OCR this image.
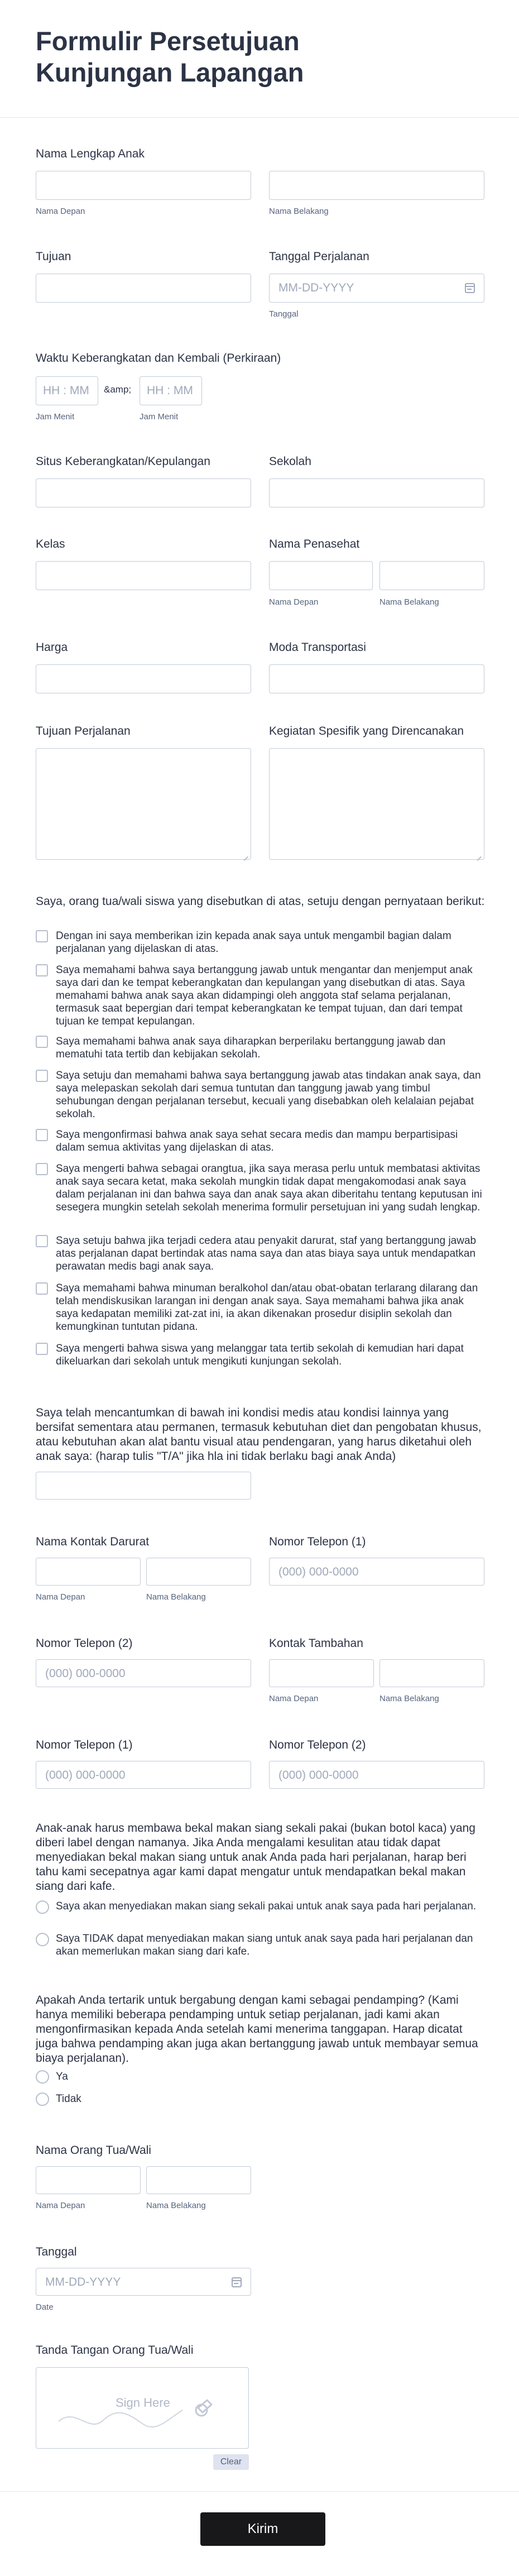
Formulir Persetujuan Kunjungan Lapangan

Nama Lengkap Anak

Nama Depan	Nama Belakang

Tujuan	Tanggal Perjalanan

MM-DD-YYYY

Tanggal

Waktu Keberangkatan dan Kembali (Perkiraan)

HH : MM &amp; HH : MM

Jam Menit	Jam Menit

Situs Keberangkatan/Kepulangan	Sekolah

Kelas	Nama Penasehat

Nama Depan	Nama Belakang

Harga	Moda Transportasi

Tujuan Perjalanan	Kegiatan Spesifik yang Direncanakan

Saya, orang tua/wali siswa yang disebutkan di atas, setuju dengan pernyataan berikut:

Dengan ini saya memberikan izin kepada anak saya untuk mengambil bagian dalam perjalanan yang dijelaskan di atas.

Saya memahami bahwa saya bertanggung jawab untuk mengantar dan menjemput anak saya dari dan ke tempat keberangkatan dan kepulangan yang disebutkan di atas. Saya memahami bahwa anak saya akan didampingi oleh anggota staf selama perjalanan, termasuk saat bepergian dari tempat keberangkatan ke tempat tujuan, dan dari tempat tujuan ke tempat kepulangan.

Saya memahami bahwa anak saya diharapkan berperilaku bertanggung jawab dan mematuhi tata tertib dan kebijakan sekolah.

Saya setuju dan memahami bahwa saya bertanggung jawab atas tindakan anak saya, dan saya melepaskan sekolah dari semua tuntutan dan tanggung jawab yang timbul sehubungan dengan perjalanan tersebut, kecuali yang disebabkan oleh kelalaian pejabat sekolah.

Saya mengonfirmasi bahwa anak saya sehat secara medis dan mampu berpartisipasi dalam semua aktivitas yang dijelaskan di atas.

Saya mengerti bahwa sebagai orangtua, jika saya merasa perlu untuk membatasi aktivitas anak saya secara ketat, maka sekolah mungkin tidak dapat mengakomodasi anak saya dalam perjalanan ini dan bahwa saya dan anak saya akan diberitahu tentang keputusan ini sesegera mungkin setelah sekolah menerima formulir persetujuan ini yang sudah lengkap.

Saya setuju bahwa jika terjadi cedera atau penyakit darurat, staf yang bertanggung jawab atas perjalanan dapat bertindak atas nama saya dan atas biaya saya untuk mendapatkan perawatan medis bagi anak saya.

Saya memahami bahwa minuman beralkohol dan/atau obat-obatan terlarang dilarang dan telah mendiskusikan larangan ini dengan anak saya. Saya memahami bahwa jika anak saya kedapatan memiliki zat-zat ini, ia akan dikenakan prosedur disiplin sekolah dan kemungkinan tuntutan pidana.

Saya mengerti bahwa siswa yang melanggar tata tertib sekolah di kemudian hari dapat dikeluarkan dari sekolah untuk mengikuti kunjungan sekolah.

Saya telah mencantumkan di bawah ini kondisi medis atau kondisi lainnya yang bersifat sementara atau permanen, termasuk kebutuhan diet dan pengobatan khusus, atau kebutuhan akan alat bantu visual atau pendengaran, yang harus diketahui oleh anak saya: (harap tulis "T/A" jika hla ini tidak berlaku bagi anak Anda)

Nama Kontak Darurat

Nama Depan	Nama Belakang

Nomor Telepon (1)

(000) 000-0000

Nomor Telepon (2)

(000) 000-0000

Kontak Tambahan

Nama Depan	Nama Belakang

Nomor Telepon (1)

(000) 000-0000

Nomor Telepon (2)

(000) 000-0000

Anak-anak harus membawa bekal makan siang sekali pakai (bukan botol kaca) yang diberi label dengan namanya. Jika Anda mengalami kesulitan atau tidak dapat menyediakan bekal makan siang untuk anak Anda pada hari perjalanan, harap beri tahu kami secepatnya agar kami dapat mengatur untuk mendapatkan bekal makan siang dari kafe.

Saya akan menyediakan makan siang sekali pakai untuk anak saya pada hari perjalanan.

Saya TIDAK dapat menyediakan makan siang untuk anak saya pada hari perjalanan dan akan memerlukan makan siang dari kafe.

Apakah Anda tertarik untuk bergabung dengan kami sebagai pendamping? (Kami hanya memiliki beberapa pendamping untuk setiap perjalanan, jadi kami akan mengonfirmasikan kepada Anda setelah kami menerima tanggapan. Harap dicatat juga bahwa pendamping akan juga akan bertanggung jawab untuk membayar semua biaya perjalanan).

Ya

Tidak

Nama Orang Tua/Wali

Nama Depan	Nama Belakang

Tanggal

MM-DD-YYYY

Date

Tanda Tangan Orang Tua/Wali

Sign Here
Clear
Kirim
